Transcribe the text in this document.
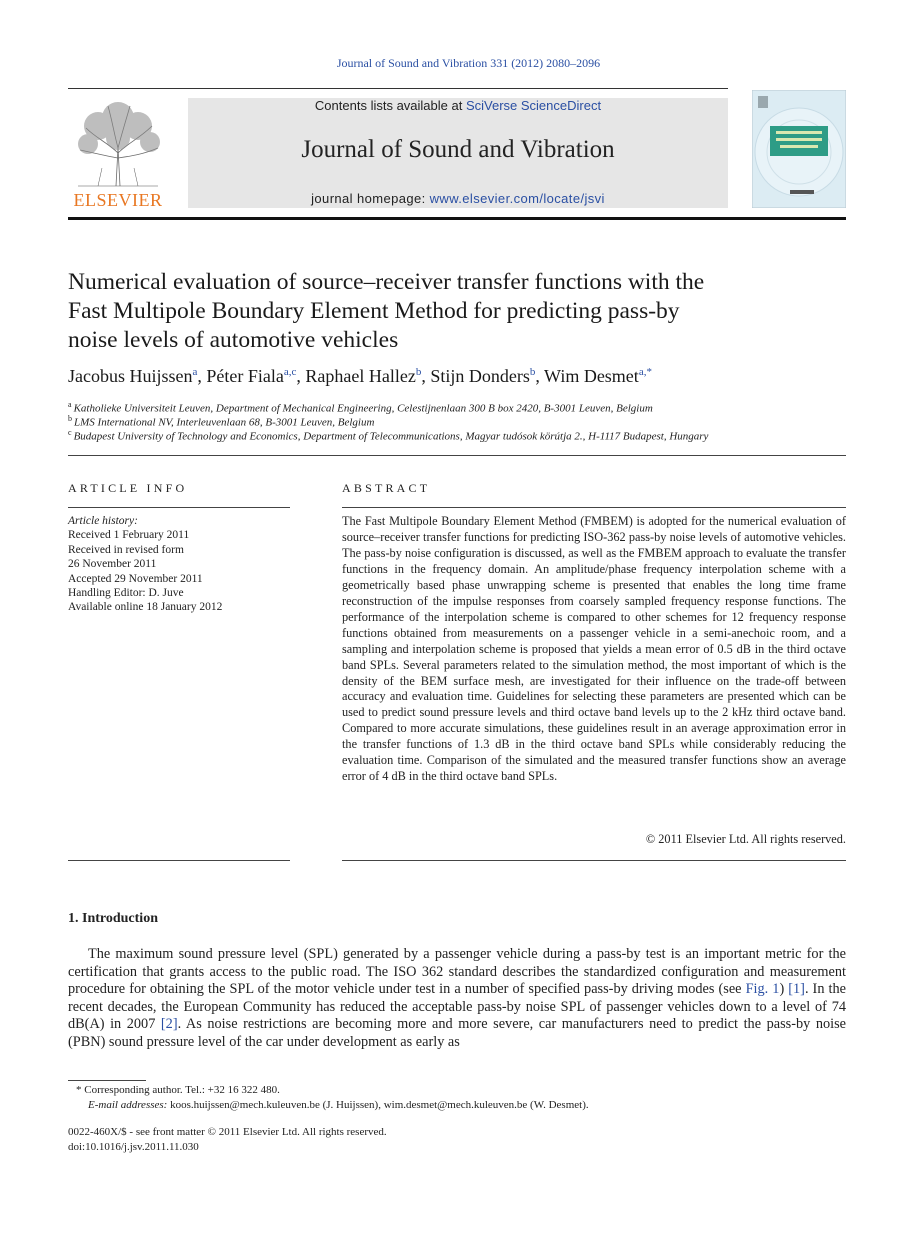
Journal of Sound and Vibration 331 (2012) 2080–2096
ELSEVIER
Contents lists available at SciVerse ScienceDirect
Journal of Sound and Vibration
journal homepage: www.elsevier.com/locate/jsvi
Numerical evaluation of source–receiver transfer functions with the
Fast Multipole Boundary Element Method for predicting pass-by
noise levels of automotive vehicles
Jacobus Huijssen$^a$, Péter Fiala$^{a,c}$, Raphael Hallez$^b$, Stijn Donders$^b$, Wim Desmet$^{a,*}$
$^a$ Katholieke Universiteit Leuven, Department of Mechanical Engineering, Celestijnenlaan 300 B box 2420, B-3001 Leuven, Belgium
$^b$ LMS International NV, Interleuvenlaan 68, B-3001 Leuven, Belgium
$^c$ Budapest University of Technology and Economics, Department of Telecommunications, Magyar tudósok körútja 2., H-1117 Budapest, Hungary
ARTICLE INFO
Article history:
Received 1 February 2011
Received in revised form
26 November 2011
Accepted 29 November 2011
Handling Editor: D. Juve
Available online 18 January 2012
ABSTRACT
The Fast Multipole Boundary Element Method (FMBEM) is adopted for the numerical evaluation of source–receiver transfer functions for predicting ISO-362 pass-by noise levels of automotive vehicles. The pass-by noise configuration is discussed, as well as the FMBEM approach to evaluate the transfer functions in the frequency domain. An amplitude/phase frequency interpolation scheme with a geometrically based phase unwrapping scheme is presented that enables the long time frame reconstruction of the impulse responses from coarsely sampled frequency response functions. The performance of the interpolation scheme is compared to other schemes for 12 frequency response functions obtained from measurements on a passenger vehicle in a semi-anechoic room, and a sampling and interpolation scheme is proposed that yields a mean error of 0.5 dB in the third octave band SPLs. Several parameters related to the simulation method, the most important of which is the density of the BEM surface mesh, are investigated for their influence on the trade-off between accuracy and evaluation time. Guidelines for selecting these parameters are presented which can be used to predict sound pressure levels and third octave band levels up to the 2 kHz third octave band. Compared to more accurate simulations, these guidelines result in an average approximation error in the transfer functions of 1.3 dB in the third octave band SPLs while considerably reducing the evaluation time. Comparison of the simulated and the measured transfer functions show an average error of 4 dB in the third octave band SPLs.
© 2011 Elsevier Ltd. All rights reserved.
1. Introduction
The maximum sound pressure level (SPL) generated by a passenger vehicle during a pass-by test is an important metric for the certification that grants access to the public road. The ISO 362 standard describes the standardized configuration and measurement procedure for obtaining the SPL of the motor vehicle under test in a number of specified pass-by driving modes (see Fig. 1) [1]. In the recent decades, the European Community has reduced the acceptable pass-by noise SPL of passenger vehicles down to a level of 74 dB(A) in 2007 [2]. As noise restrictions are becoming more and more severe, car manufacturers need to predict the pass-by noise (PBN) sound pressure level of the car under development as early as
* Corresponding author. Tel.: +32 16 322 480.
E-mail addresses: koos.huijssen@mech.kuleuven.be (J. Huijssen), wim.desmet@mech.kuleuven.be (W. Desmet).
0022-460X/$ - see front matter © 2011 Elsevier Ltd. All rights reserved.
doi:10.1016/j.jsv.2011.11.030
